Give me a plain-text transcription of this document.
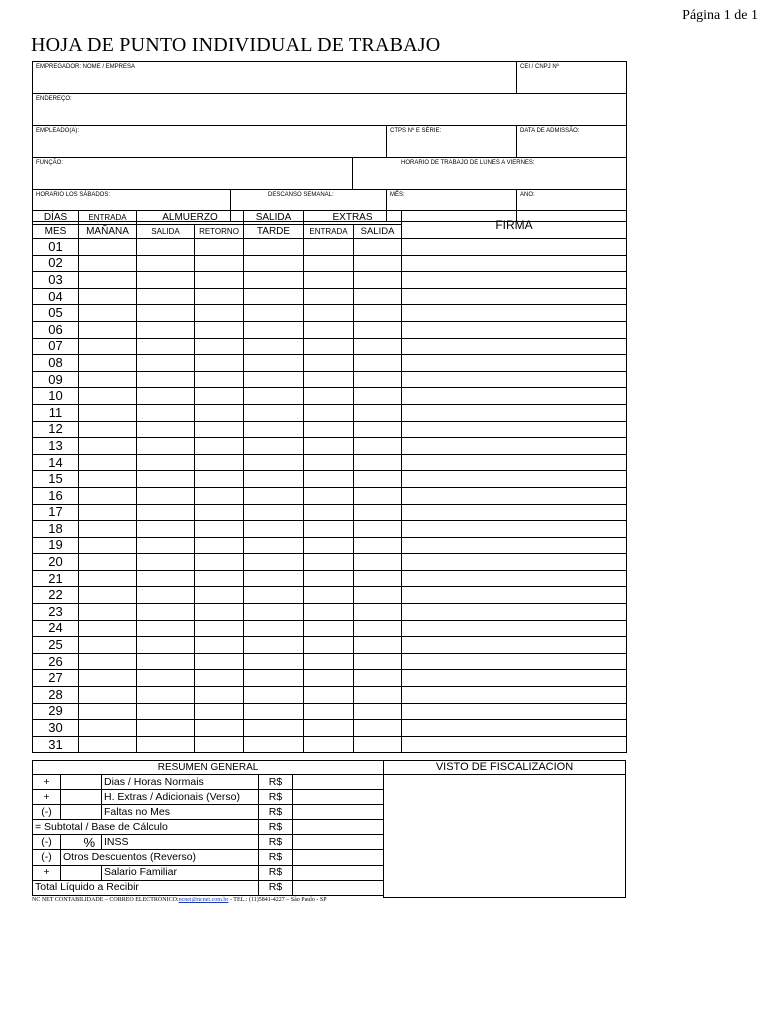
Página 1 de 1
HOJA DE PUNTO INDIVIDUAL DE TRABAJO
EMPREGADOR: NOME / EMPRESA				CEI / CNPJ Nº

ENDEREÇO:				

EMPLEADO(A):			CTPS Nº E SÉRIE:	DATA DE ADMISSÃO:

FUNÇÃO:		HORARIO DE TRABAJO DE LUNES A VIERNES:		

HORARIO LOS SÁBADOS:	DESCANSO SEMANAL:		MÊS:	ANO:
DÍAS	ENTRADA	ALMUERZO		SALIDA	EXTRAS		FIRMA
MES	MAÑANA	SALIDA	RETORNO	TARDE	ENTRADA	SALIDA	
01							
02							
03							
04							
05							
06							
07							
08							
09							
10							
11							
12							
13							
14							
15							
16							
17							
18							
19							
20							
21							
22							
23							
24							
25							
26							
27							
28							
29							
30							
31							
RESUMEN GENERAL				
+		Dias / Horas Normais	R$	
+		H. Extras / Adicionais (Verso)	R$	
(-)		Faltas no Mes	R$	
= Subtotal / Base de Cálculo			R$	
(-)	%	INSS	R$	
(-)	Otros Descuentos (Reverso)		R$	
+		Salario Familiar	R$	
Total Líquido a Recibir			R$	
VISTO DE FISCALIZACION
NC NET CONTABILIDADE – CORREO ELECTRÓNICO:ncnet@ncnet.com.br - TEL.: (11)5841-4227 – São Paulo - SP
